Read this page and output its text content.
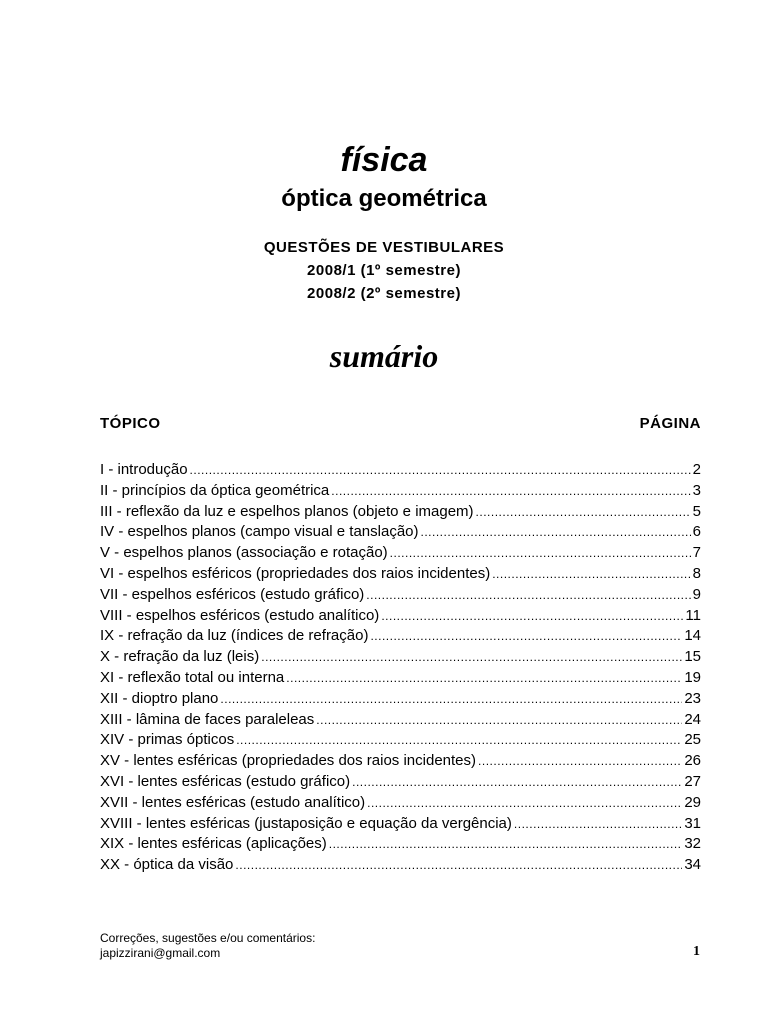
física
óptica geométrica
QUESTÕES DE VESTIBULARES
2008/1 (1º semestre)
2008/2 (2º semestre)
sumário
TÓPICO	PÁGINA
I - introdução .....	2
II - princípios da óptica geométrica .....	3
III - reflexão da luz e espelhos planos (objeto e imagem) .....	5
IV - espelhos planos (campo visual e tanslação) .....	6
V - espelhos planos (associação e rotação) .....	7
VI - espelhos esféricos (propriedades dos raios incidentes) .....	8
VII - espelhos esféricos (estudo gráfico) .....	9
VIII - espelhos esféricos (estudo analítico) .....	11
IX - refração da luz (índices de refração) .....	14
X - refração da luz (leis) .....	15
XI - reflexão total ou interna .....	19
XII - dioptro plano .....	23
XIII - lâmina de faces paraleleas .....	24
XIV - primas ópticos .....	25
XV - lentes esféricas (propriedades dos raios incidentes) .....	26
XVI - lentes esféricas (estudo gráfico) .....	27
XVII - lentes esféricas (estudo analítico) .....	29
XVIII - lentes esféricas (justaposição e equação da vergência) .....	31
XIX - lentes esféricas (aplicações) .....	32
XX - óptica da visão .....	34
Correções, sugestões e/ou comentários:
japizzirani@gmail.com	1
